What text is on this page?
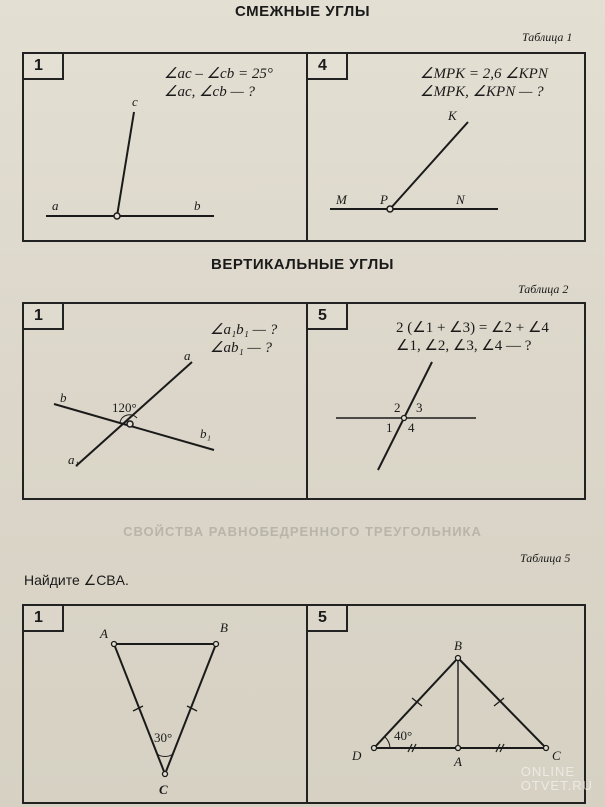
СМЕЖНЫЕ УГЛЫ
Таблица 1
1	∠ac – ∠cb = 25°
∠ac, ∠cb — ?
a	b
c
4	∠MPK = 2,6 ∠KPN
∠MPK, ∠KPN — ?
M	P	N
K
ВЕРТИКАЛЬНЫЕ УГЛЫ
Таблица 2
1
∠a₁b₁ — ?
∠ab₁ — ?
120°
a
b
a₁
b₁
5
2 (∠1 + ∠3) = ∠2 + ∠4
∠1, ∠2, ∠3, ∠4 — ?
2 3
1 4
СВОЙСТВА РАВНОБЕДРЕННОГО ТРЕУГОЛЬНИКА
Таблица 5
Найдите ∠CBA.
1
30°
A	B
C
5
40°
D
B
C
A
ONLINE
OTVET.RU
